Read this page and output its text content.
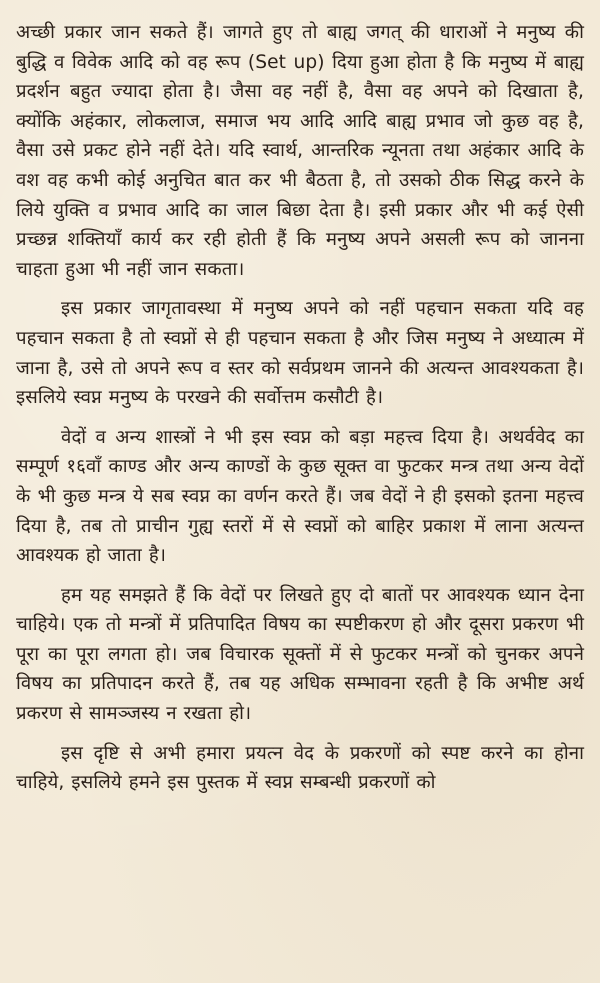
अच्छी प्रकार जान सकते हैं। जागते हुए तो बाह्य जगत् की धाराओं ने मनुष्य की बुद्धि व विवेक आदि को वह रूप (Set up) दिया हुआ होता है कि मनुष्य में बाह्य प्रदर्शन बहुत ज्यादा होता है। जैसा वह नहीं है, वैसा वह अपने को दिखाता है, क्योंकि अहंकार, लोकलाज, समाज भय आदि आदि बाह्य प्रभाव जो कुछ वह है, वैसा उसे प्रकट होने नहीं देते। यदि स्वार्थ, आन्तरिक न्यूनता तथा अहंकार आदि के वश वह कभी कोई अनुचित बात कर भी बैठता है, तो उसको ठीक सिद्ध करने के लिये युक्ति व प्रभाव आदि का जाल बिछा देता है। इसी प्रकार और भी कई ऐसी प्रच्छन्न शक्तियाँ कार्य कर रही होती हैं कि मनुष्य अपने असली रूप को जानना चाहता हुआ भी नहीं जान सकता।

इस प्रकार जागृतावस्था में मनुष्य अपने को नहीं पहचान सकता यदि वह पहचान सकता है तो स्वप्नों से ही पहचान सकता है और जिस मनुष्य ने अध्यात्म में जाना है, उसे तो अपने रूप व स्तर को सर्वप्रथम जानने की अत्यन्त आवश्यकता है। इसलिये स्वप्न मनुष्य के परखने की सर्वोत्तम कसौटी है।

वेदों व अन्य शास्त्रों ने भी इस स्वप्न को बड़ा महत्त्व दिया है। अथर्ववेद का सम्पूर्ण १६वाँ काण्ड और अन्य काण्डों के कुछ सूक्त वा फुटकर मन्त्र तथा अन्य वेदों के भी कुछ मन्त्र ये सब स्वप्न का वर्णन करते हैं। जब वेदों ने ही इसको इतना महत्त्व दिया है, तब तो प्राचीन गुह्य स्तरों में से स्वप्नों को बाहिर प्रकाश में लाना अत्यन्त आवश्यक हो जाता है।

हम यह समझते हैं कि वेदों पर लिखते हुए दो बातों पर आवश्यक ध्यान देना चाहिये। एक तो मन्त्रों में प्रतिपादित विषय का स्पष्टीकरण हो और दूसरा प्रकरण भी पूरा का पूरा लगता हो। जब विचारक सूक्तों में से फुटकर मन्त्रों को चुनकर अपने विषय का प्रतिपादन करते हैं, तब यह अधिक सम्भावना रहती है कि अभीष्ट अर्थ प्रकरण से सामञ्जस्य न रखता हो।

इस दृष्टि से अभी हमारा प्रयत्न वेद के प्रकरणों को स्पष्ट करने का होना चाहिये, इसलिये हमने इस पुस्तक में स्वप्न सम्बन्धी प्रकरणों को
